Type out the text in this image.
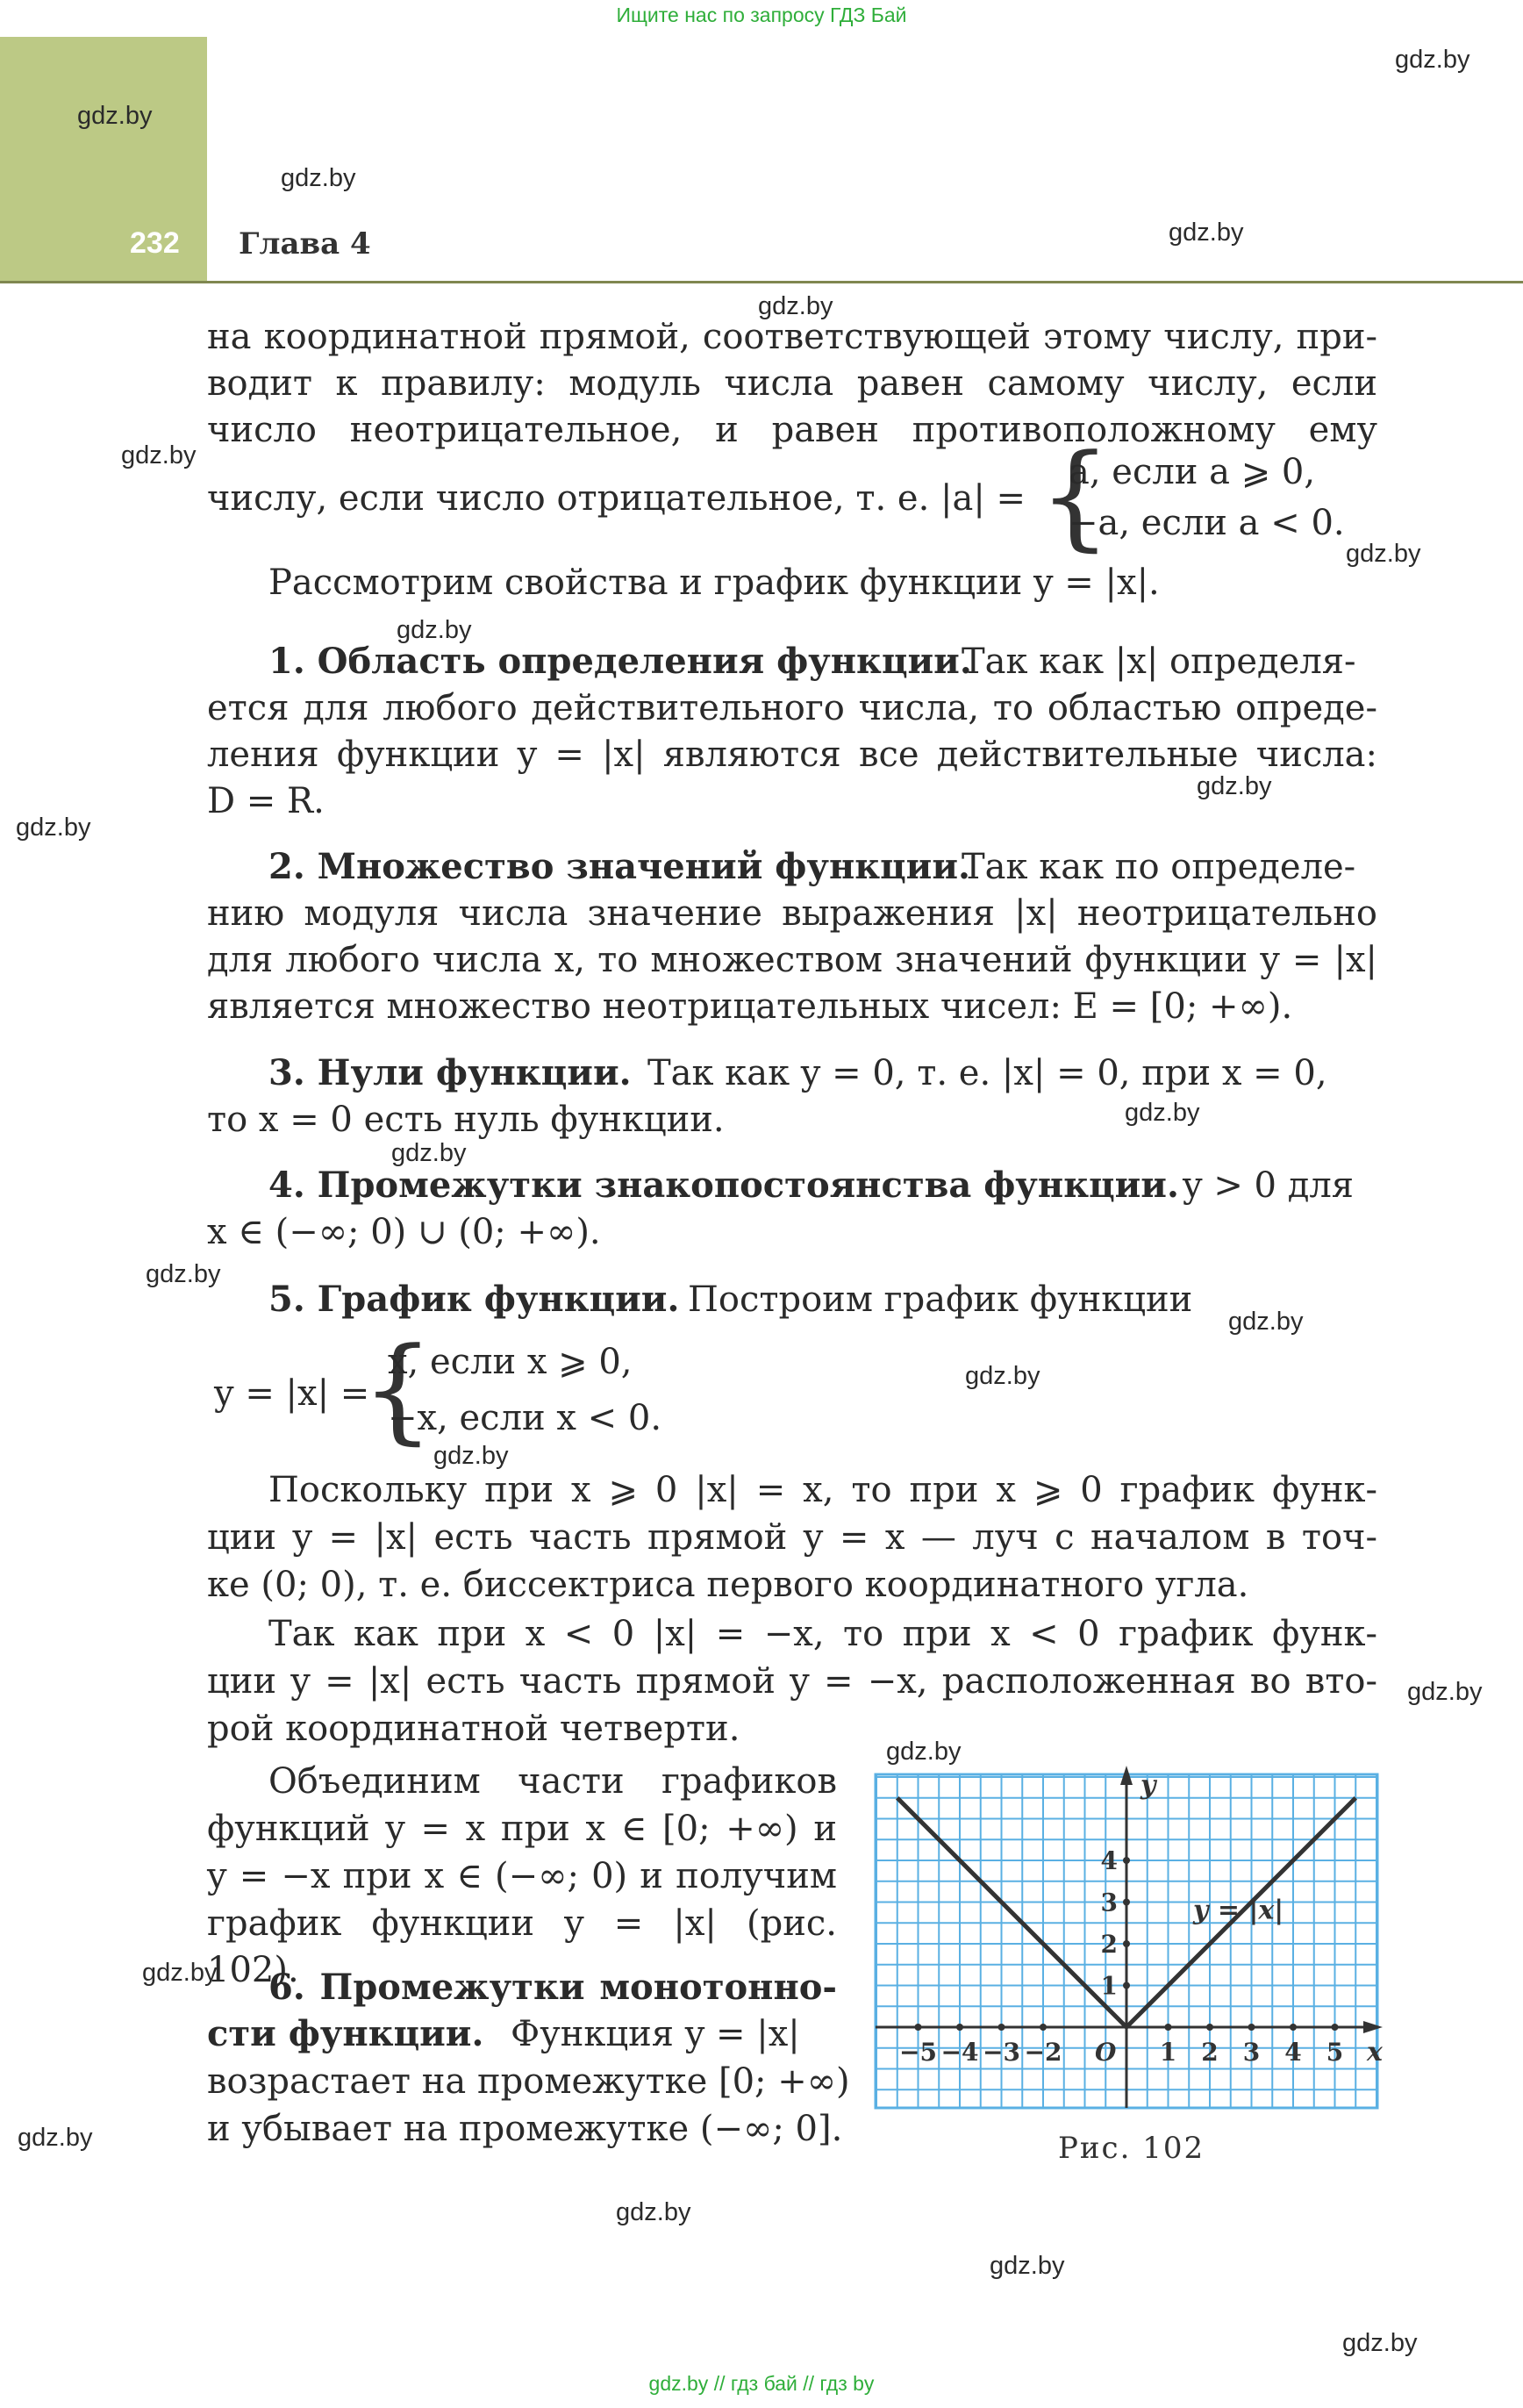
Ищите нас по запросу ГДЗ Бай
232 Глава 4
gdz.by
gdz.by
gdz.by
gdz.by
gdz.by
gdz.by
gdz.by
gdz.by
gdz.by
gdz.by
gdz.by
gdz.by
gdz.by
gdz.by
gdz.by
gdz.by
gdz.by
gdz.by
gdz.by
gdz.by
gdz.by
gdz.by
gdz.by
на координатной прямой, соответствующей этому числу, при-
водит к правилу: модуль числа равен самому числу, если
число неотрицательное, и равен противоположному ему
числу, если число отрицательное, т. е. |a| = {
a, если a ⩾ 0,
−a, если a < 0.
Рассмотрим свойства и график функции y = |x|.
1. Область определения функции.
Так как |x| определя-
ется для любого действительного числа, то областью опреде-
ления функции y = |x| являются все действительные числа:
D = R.
2. Множество значений функции.
Так как по определе-
нию модуля числа значение выражения |x| неотрицательно
для любого числа x, то множеством значений функции y = |x|
является множество неотрицательных чисел: E = [0; +∞).
3. Нули функции. Так как y = 0, т. е. |x| = 0, при x = 0,
то x = 0 есть нуль функции.
4. Промежутки знакопостоянства функции. y > 0 для
x ∈ (−∞; 0) ∪ (0; +∞).
5. График функции. Построим график функции
y = |x| =
{
x, если x ⩾ 0,
−x, если x < 0.
Поскольку при x ⩾ 0 |x| = x, то при x ⩾ 0 график функ-
ции y = |x| есть часть прямой y = x — луч с началом в точ-
ке (0; 0), т. е. биссектриса первого координатного угла.
Так как при x < 0 |x| = −x, то при x < 0 график функ-
ции y = |x| есть часть прямой y = −x, расположенная во вто-
рой координатной четверти.
Объединим части графиков
функций y = x при x ∈ [0; +∞) и
y = −x при x ∈ (−∞; 0) и получим
график функции y = |x| (рис. 102).
6. Промежутки монотонно-
сти функции. Функция y = |x|
возрастает на промежутке [0; +∞)
и убывает на промежутке (−∞; 0].
x
y
O
−5 −4 −3 −2	1 2 3 4 5
1
2
3
4
y = |x|
Рис. 102
gdz.by // гдз бай // гдз by
